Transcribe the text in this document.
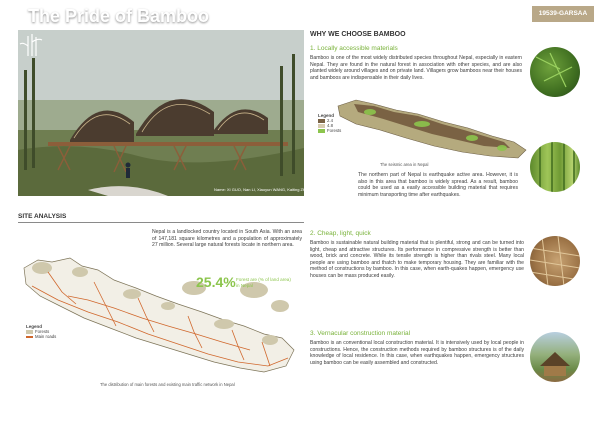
19539-GARSAA
The Pride of Bamboo
Name: XI GUO, Nan LI, Xiaoyun WANG, Kaiting ZHU
WHY WE CHOOSE BAMBOO
1. Locally accessible materials
Bamboo is one of the most widely distributed species throughout Nepal, especially in eastern Nepal. They are found in the natural forest in association with other species, and are also planted widely around villages and on private land. Villagers grow bamboos near their houses and bamboos are indispensable in their daily lives.
Legend
2.4
4.8
Forests
The seismic area in Nepal
The northern part of Nepal is earthquake active area. However, it is also in this area that bamboo is widely spread. As a result, bamboo could be used as a easily accessible building material that requires minimum transporting time after earthquakes.
2. Cheap, light, quick
Bamboo is sustainable natural building material that is plentiful, strong and can be turned into light, cheap and attractive structures. Its performance in compressive strength is better than wood, brick and concrete. While its tensile strength is higher than rivals steel. Many local people are using bamboo and thatch to make temporary housing. They are familiar with the method of constructions by bamboo. In this case, when earth-quakes happen, emergency use houses can be mass produced easily.
3. Vernacular construction material
Bamboo is an conventional local construction material. It is intensively used by local people in constructions. Hence, the construction methods required by bamboo structures is of the daily knowledge of local residence. In this case, when earthquakes happen, emergency structures using bamboo can be easily assembled and constructed.
SITE ANALYSIS
Nepal is a landlocked country located in South Asia. With an area of 147,181 square kilometres and a population of approximately 27 million. Several large natural forests locate in northern area.
25.4% Forest are (% of land area) in Nepal
Legend
Forests
Main roads
The distribution of main forests and existing main traffic network in Nepal
